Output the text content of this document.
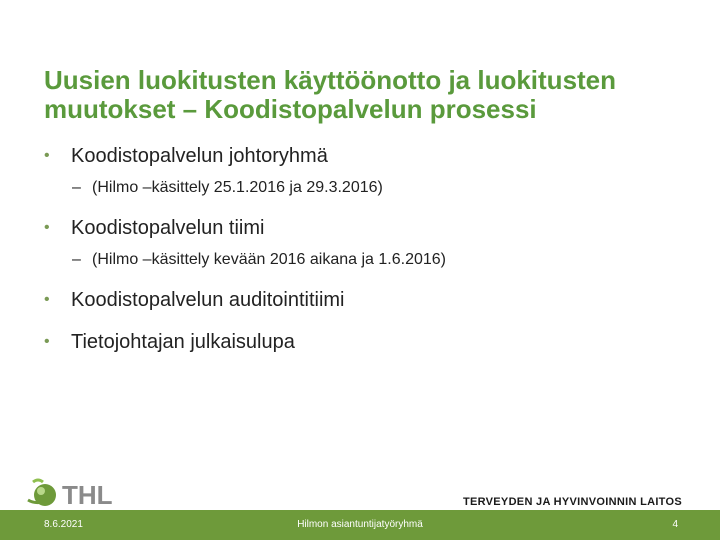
Uusien luokitusten käyttöönotto ja luokitusten muutokset – Koodistopalvelun prosessi
• Koodistopalvelun johtoryhmä
– (Hilmo –käsittely 25.1.2016 ja 29.3.2016)
• Koodistopalvelun tiimi
– (Hilmo –käsittely kevään 2016 aikana ja 1.6.2016)
• Koodistopalvelun auditointitiimi
• Tietojohtajan julkaisulupa
THL	TERVEYDEN JA HYVINVOINNIN LAITOS
8.6.2021	Hilmon asiantuntijatyöryhmä	4
